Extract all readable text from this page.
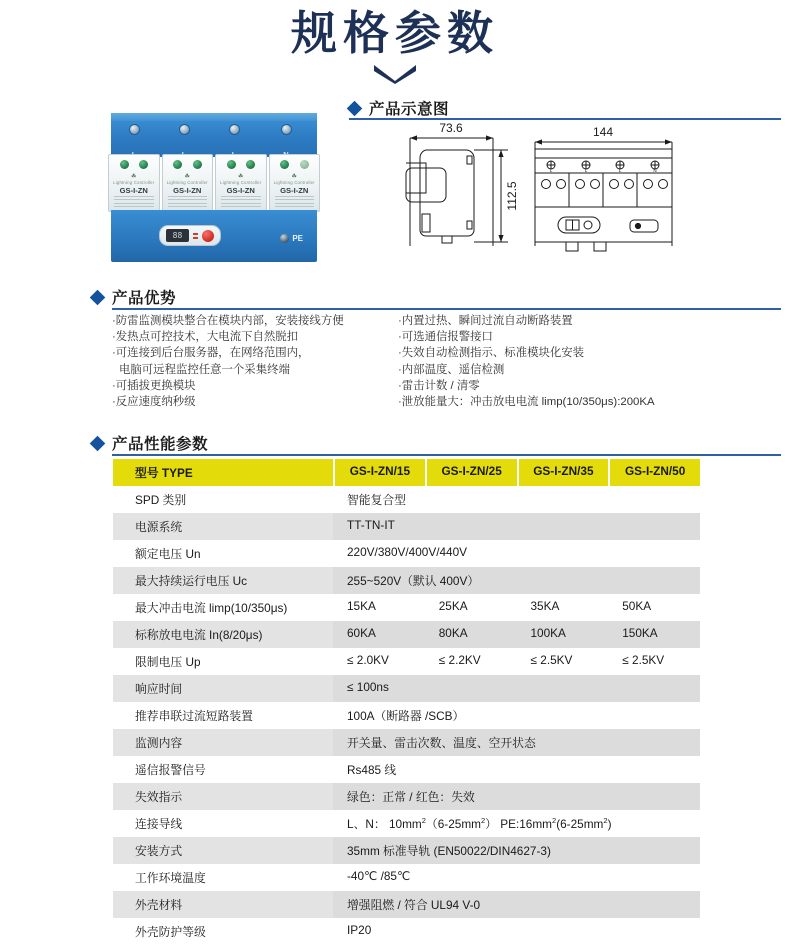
规格参数
产品示意图
☘
Lightning Controller
GS-I-ZN
☘
Lightning Controller
GS-I-ZN
☘
Lightning Controller
GS-I-ZN
☘
Lightning Controller
GS-I-ZN
88	PE
73.6
112.5
144
L	L	L	N
产品优势
·防雷监测模块整合在模块内部，安装接线方便
·发热点可控技术，大电流下自然脱扣
·可连接到后台服务器，在网络范围内，
电脑可远程监控任意一个采集终端
·可插拔更换模块
·反应速度纳秒级
·内置过热、瞬间过流自动断路装置
·可选通信报警接口
·失效自动检测指示、标准模块化安装
·内部温度、遥信检测
·雷击计数 / 清零
·泄放能量大：冲击放电电流 limp(10/350μs):200KA
产品性能参数
型号 TYPE	GS-I-ZN/15	GS-I-ZN/25	GS-I-ZN/35	GS-I-ZN/50
SPD 类别	智能复合型
电源系统	TT-TN-IT
额定电压 Un	220V/380V/400V/440V
最大持续运行电压 Uc	255~520V（默认 400V）
最大冲击电流 limp(10/350μs)	15KA	25KA	35KA	50KA
标称放电电流 In(8/20μs)	60KA	80KA	100KA	150KA
限制电压 Up	≤ 2.0KV	≤ 2.2KV	≤ 2.5KV	≤ 2.5KV
响应时间	≤ 100ns
推荐串联过流短路装置	100A（断路器 /SCB）
监测内容	开关量、雷击次数、温度、空开状态
遥信报警信号	Rs485 线
失效指示	绿色：正常 / 红色：失效
连接导线	L、N： $10mm^2(6-25mm^2)$ $PE:16mm^2(6-25mm^2)$
安装方式	35mm 标准导轨 (EN50022/DIN4627-3)
工作环境温度	-40℃ /85℃
外壳材料	增强阻燃 / 符合 UL94 V-0
外壳防护等级	IP20
